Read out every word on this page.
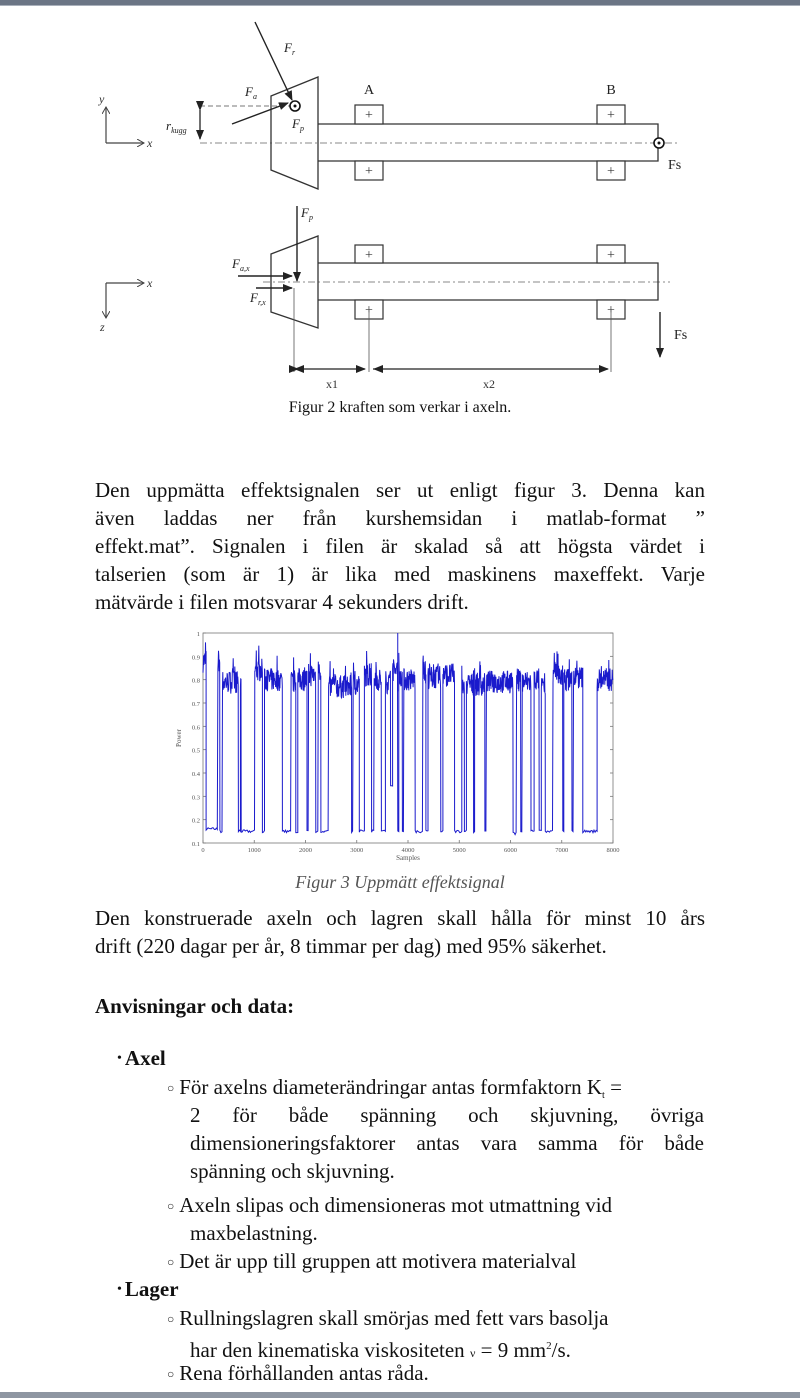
y
x
$r_{kugg}$
+
+
+
+
A	B
$F_r$
$F_a$
$F_p$
Fs
x
z
+
+
+
+
$F_p$
$F_{a,x}$
$F_{r,x}$
Fs
x1	x2
Figur 2 kraften som verkar i axeln.
Den uppmätta effektsignalen ser ut enligt figur 3. Denna kan
även laddas ner från kurshemsidan i matlab-format ”
effekt.mat”. Signalen i filen är skalad så att högsta värdet i
talserien (som är 1) är lika med maskinens maxeffekt. Varje
mätvärde i filen motsvarar 4 sekunders drift.
0.1
0.2
0.3
0.4
0.5
0.6
0.7
0.8
0.9
1
0	1000	2000	3000	4000	5000	6000	7000	8000
Samples
Power
Figur 3 Uppmätt effektsignal
Den konstruerade axeln och lagren skall hålla för minst 10 års
drift (220 dagar per år, 8 timmar per dag) med 95% säkerhet.
Anvisningar och data:
• Axel
○ För axelns diameterändringar antas formfaktorn $K_t$ =
2 för både spänning och skjuvning, övriga
dimensioneringsfaktorer antas vara samma för både
spänning och skjuvning.
○ Axeln slipas och dimensioneras mot utmattning vid
maxbelastning.
○ Det är upp till gruppen att motivera materialval
• Lager
○ Rullningslagren skall smörjas med fett vars basolja
har den kinematiska viskositeten ν = 9 $mm^2/s$.
○ Rena förhållanden antas råda.
